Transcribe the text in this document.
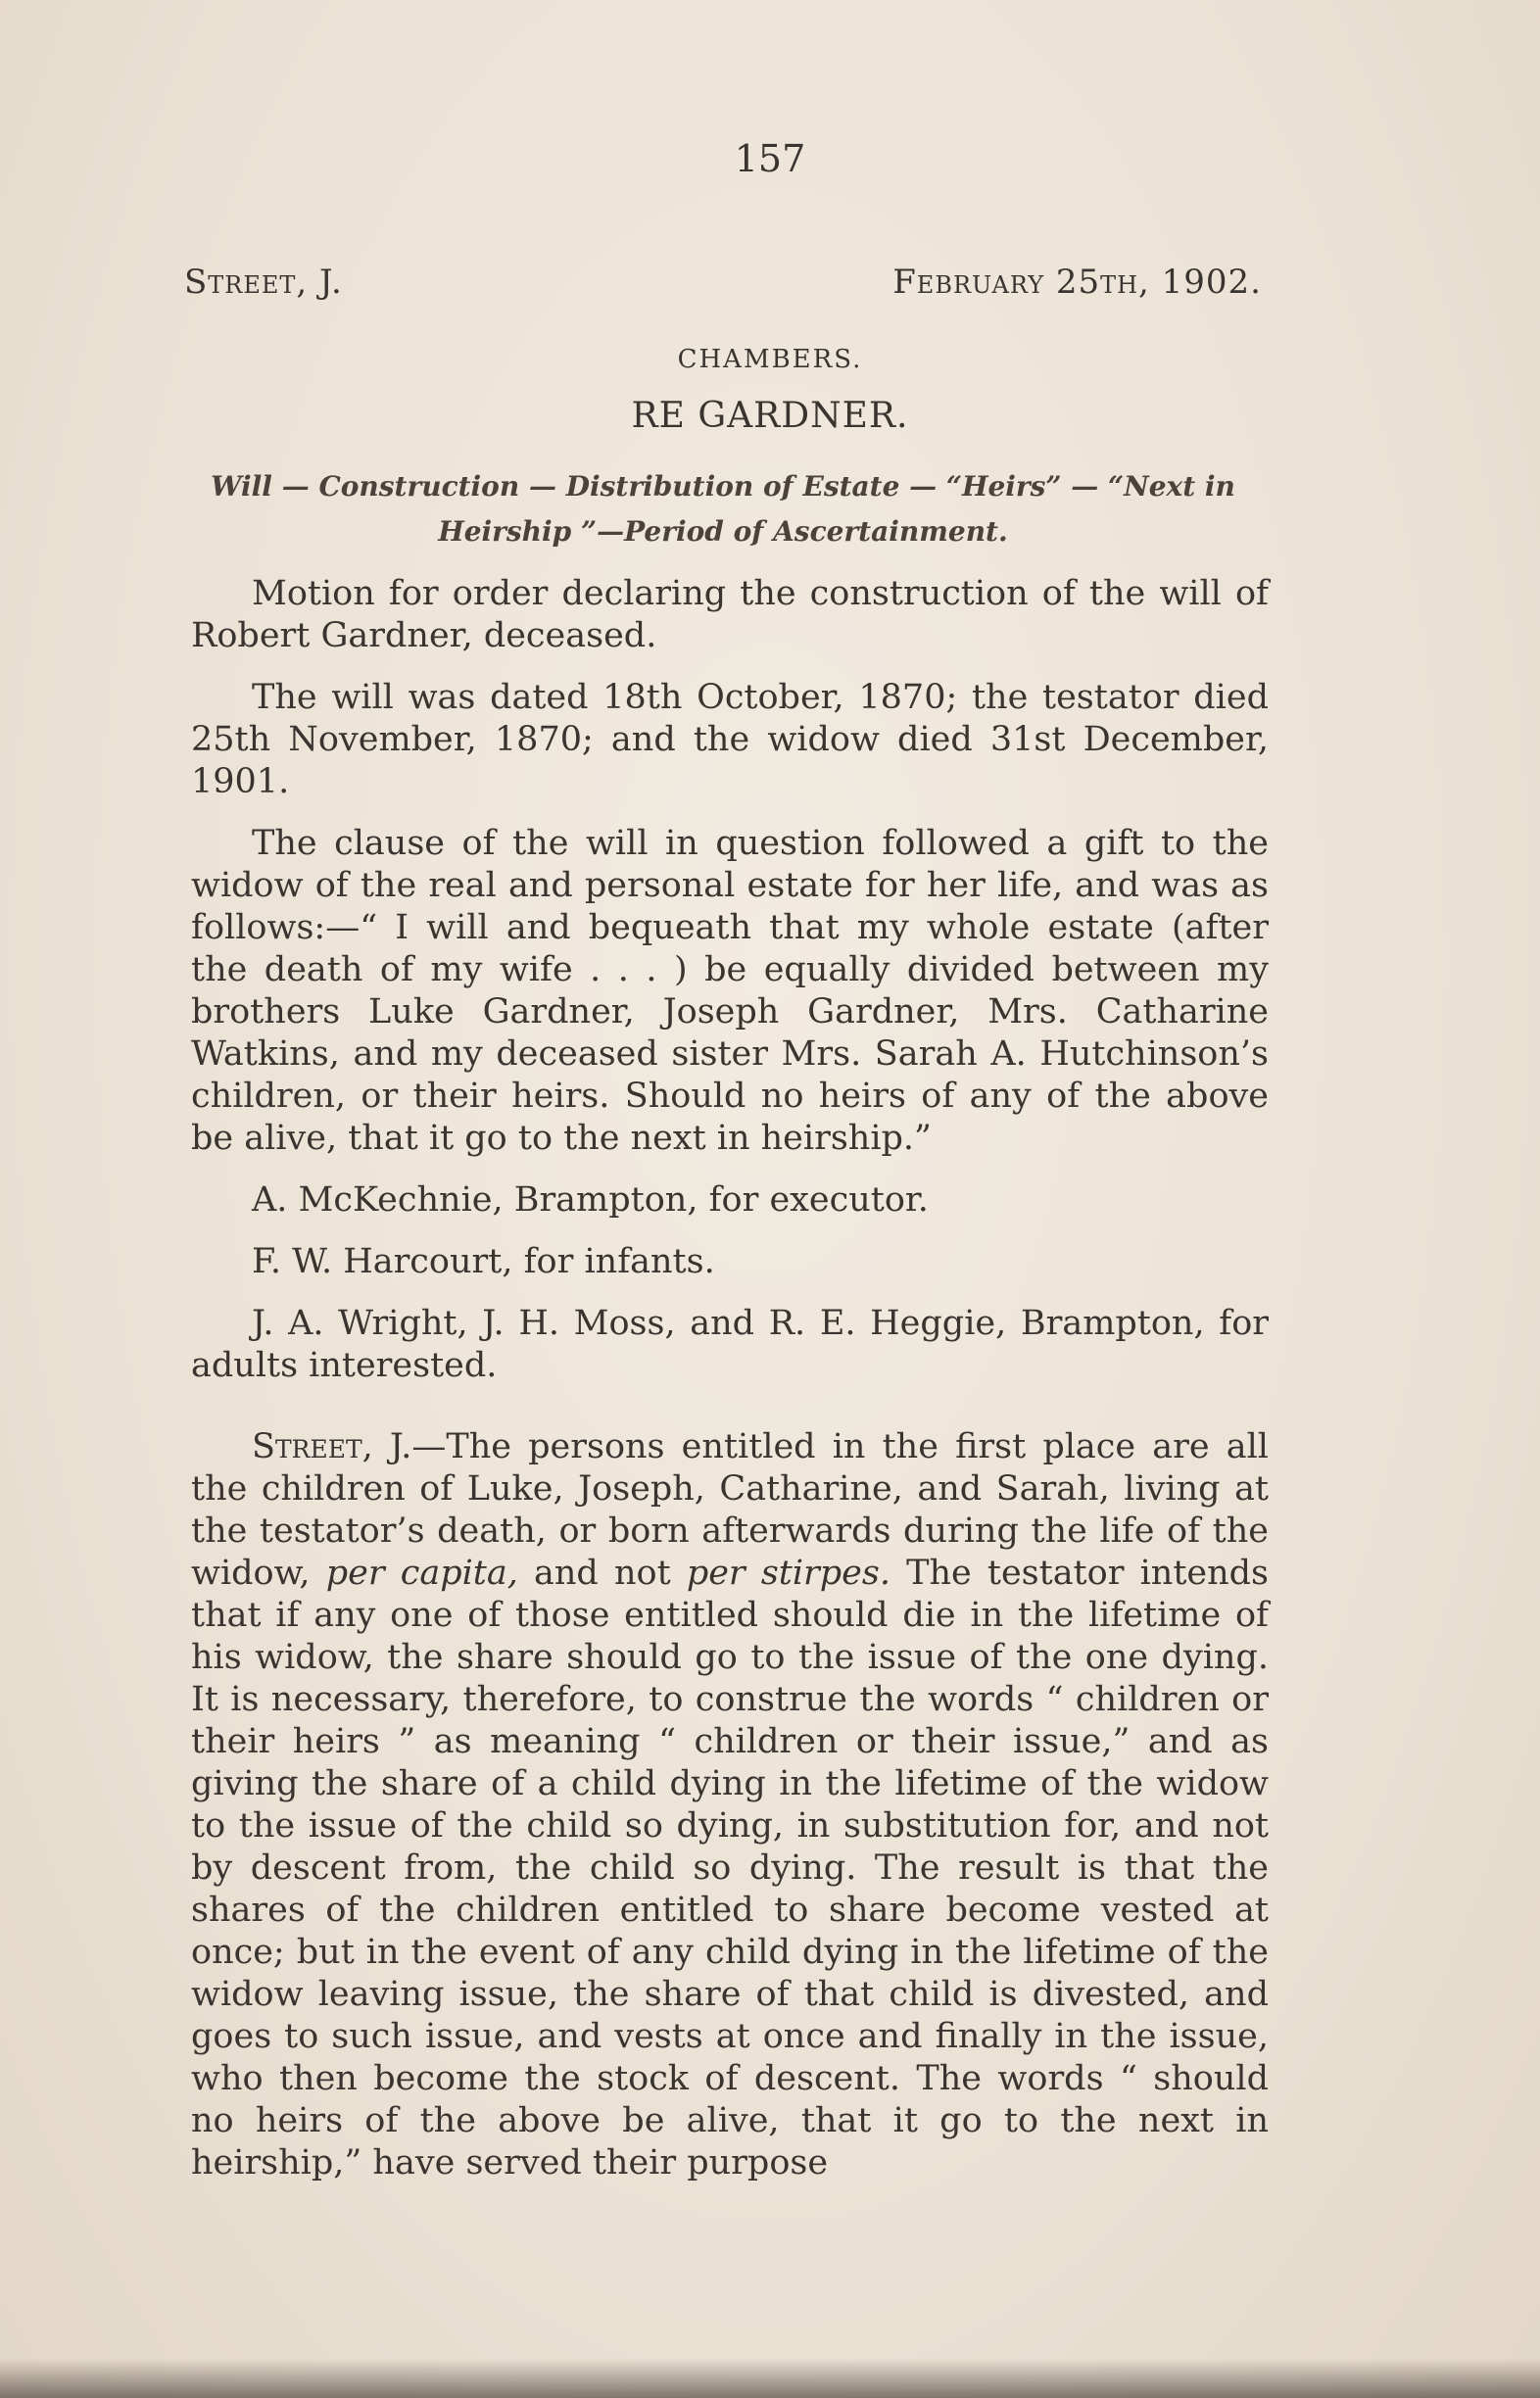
157
Street, J.	February 25th, 1902.
CHAMBERS.
RE GARDNER.
Will — Construction — Distribution of Estate — “Heirs” — “Next in
Heirship ”—Period of Ascertainment.

Motion for order declaring the construction of the will of Robert Gardner, deceased.

The will was dated 18th October, 1870; the testator died 25th November, 1870; and the widow died 31st December, 1901.

The clause of the will in question followed a gift to the widow of the real and personal estate for her life, and was as follows:—“ I will and bequeath that my whole estate (after the death of my wife . . . ) be equally divided between my brothers Luke Gardner, Joseph Gardner, Mrs. Catharine Watkins, and my deceased sister Mrs. Sarah A. Hutchinson’s children, or their heirs. Should no heirs of any of the above be alive, that it go to the next in heirship.”

A. McKechnie, Brampton, for executor.

F. W. Harcourt, for infants.

J. A. Wright, J. H. Moss, and R. E. Heggie, Brampton, for adults interested.

Street, J.—The persons entitled in the first place are all the children of Luke, Joseph, Catharine, and Sarah, living at the testator’s death, or born afterwards during the life of the widow, per capita, and not per stirpes. The testator intends that if any one of those entitled should die in the lifetime of his widow, the share should go to the issue of the one dying. It is necessary, therefore, to construe the words “ children or their heirs ” as meaning “ children or their issue,” and as giving the share of a child dying in the lifetime of the widow to the issue of the child so dying, in substitution for, and not by descent from, the child so dying. The result is that the shares of the children entitled to share become vested at once; but in the event of any child dying in the lifetime of the widow leaving issue, the share of that child is divested, and goes to such issue, and vests at once and finally in the issue, who then become the stock of descent. The words “ should no heirs of the above be alive, that it go to the next in heirship,” have served their purpose
